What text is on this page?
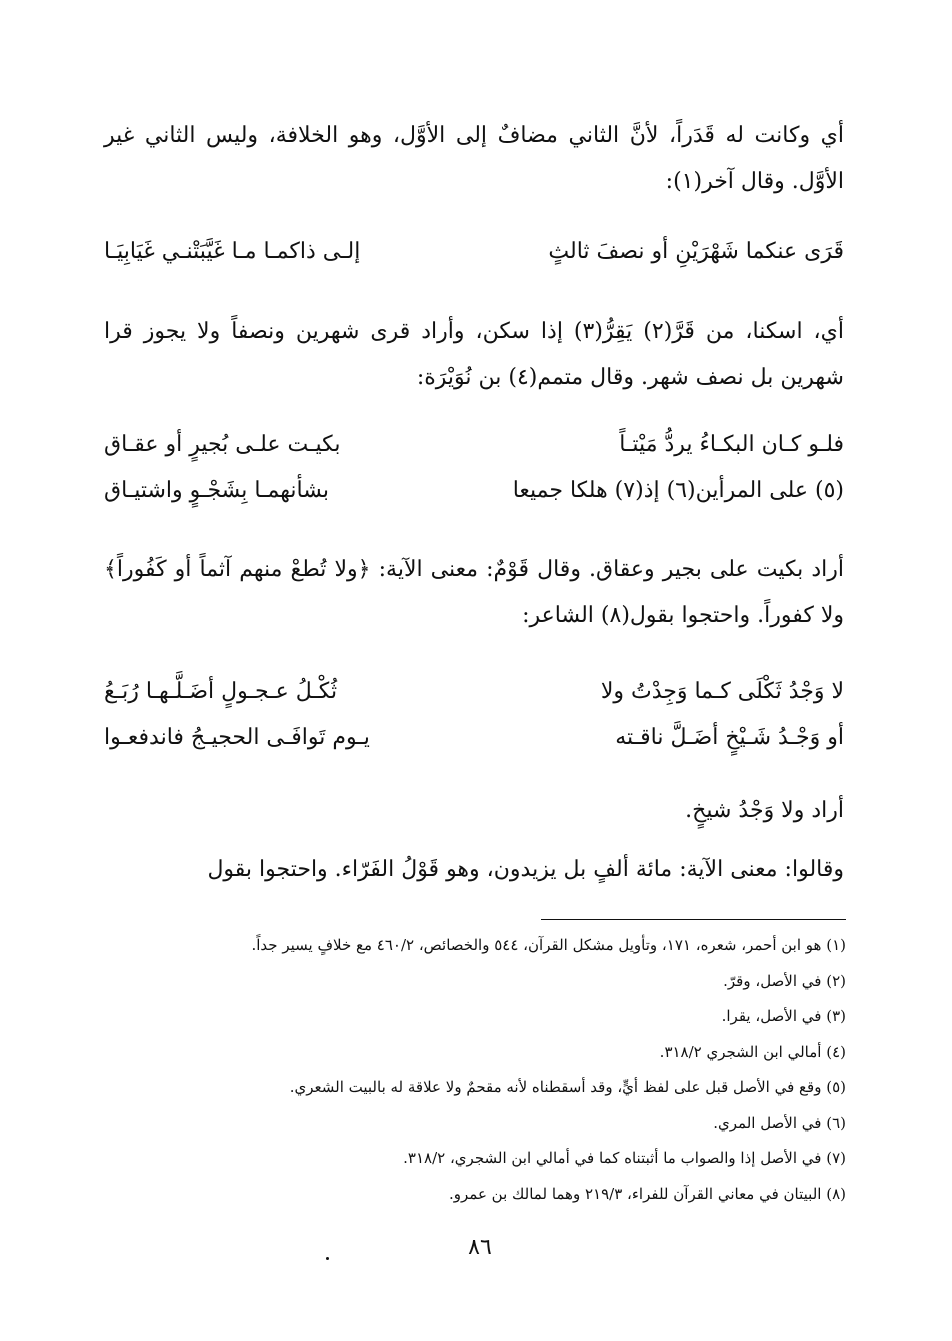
أي وكانت له قَدَراً، لأنَّ الثاني مضافٌ إلى الأوَّل، وهو الخلافة، وليس الثاني غير الأوَّل. وقال آخر(١):
قَرَى عنكما شَهْرَيْنِ أو نصفَ ثالثٍ
إلـى ذاكمـا مـا غَيَّبَتْنـي غَيَابِيَـا
أي، اسكنا، من قَرَّ(٢) يَقِرُّ(٣) إذا سكن، وأراد قرى شهرين ونصفاً ولا يجوز قرا شهرين بل نصف شهر. وقال متمم(٤) بن نُوَيْرَة:
فلـو كـان البكـاءُ يردُّ مَيْتـاً
بكيـت علـى بُجيرٍ أو عقـاق
(٥) على المرأين(٦) إذ(٧) هلكا جميعا
بشأنهمـا بِشَجْـوٍ واشتيـاق
أراد بكيت على بجير وعقاق. وقال قَوْمٌ: معنى الآية: ﴿ولا تُطعْ منهم آثماً أو كَفُوراً﴾ ولا كفوراً. واحتجوا بقول(٨) الشاعر:
لا وَجْدُ ثَكْلَى كـما وَجِدْتُ ولا
ثُكْـلُ عـجـولٍ أضَـلَّـهـا رُبَـعُ
أو وَجْـدُ شَـيْخٍ أضَـلَّ ناقـته
يـوم تَوافَـى الحجيـجُ فاندفعـوا
أراد ولا وَجْدُ شيخٍ.
وقالوا: معنى الآية: مائة ألفٍ بل يزيدون، وهو قَوْلُ الفَرّاء. واحتجوا بقول
(١) هو ابن أحمر، شعره، ١٧١، وتأويل مشكل القرآن، ٥٤٤ والخصائص، ٤٦٠/٢ مع خلافٍ يسير جداً.
(٢) في الأصل، وقرّ.
(٣) في الأصل، يقرا.
(٤) أمالي ابن الشجري ٣١٨/٢.
(٥) وقع في الأصل قبل على لفظ أيٍّ، وقد أسقطناه لأنه مقحمٌ ولا علاقة له بالبيت الشعري.
(٦) في الأصل المري.
(٧) في الأصل إذا والصواب ما أثبتناه كما في أمالي ابن الشجري، ٣١٨/٢.
(٨) البيتان في معاني القرآن للفراء، ٢١٩/٣ وهما لمالك بن عمرو.
٨٦
